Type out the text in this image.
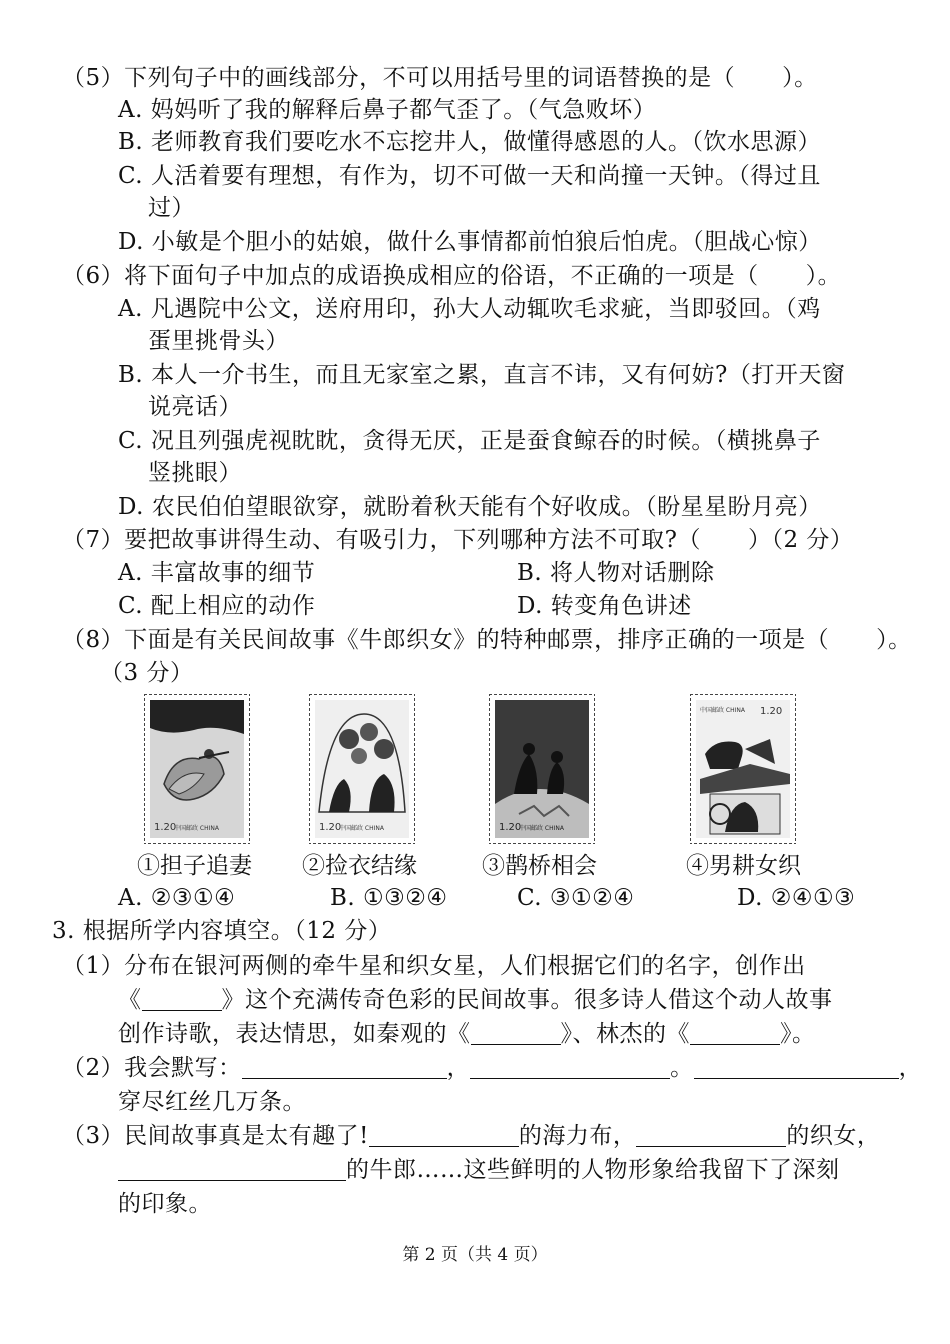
（5）下列句子中的画线部分，不可以用括号里的词语替换的是（　　）。
A. 妈妈听了我的解释后鼻子都气歪了。（气急败坏）
B. 老师教育我们要吃水不忘挖井人，做懂得感恩的人。（饮水思源）
C. 人活着要有理想，有作为，切不可做一天和尚撞一天钟。（得过且
过）
D. 小敏是个胆小的姑娘，做什么事情都前怕狼后怕虎。（胆战心惊）
（6）将下面句子中加点的成语换成相应的俗语，不正确的一项是（　　）。
A. 凡遇院中公文，送府用印，孙大人动辄吹毛求疵，当即驳回。（鸡
蛋里挑骨头）
B. 本人一介书生，而且无家室之累，直言不讳，又有何妨?（打开天窗
说亮话）
C. 况且列强虎视眈眈，贪得无厌，正是蚕食鲸吞的时候。（横挑鼻子
竖挑眼）
D. 农民伯伯望眼欲穿，就盼着秋天能有个好收成。（盼星星盼月亮）
（7）要把故事讲得生动、有吸引力，下列哪种方法不可取?（　　）（2 分）
A. 丰富故事的细节	B. 将人物对话删除
C. 配上相应的动作	D. 转变角色讲述
（8）下面是有关民间故事《牛郎织女》的特种邮票，排序正确的一项是（　　）。
（3 分）
1.20
中国邮政 CHINA	1.20
中国邮政 CHINA	1.20
中国邮政 CHINA
中国邮政 CHINA 1.20
①担子追妻 ②捡衣结缘	③鹊桥相会	④男耕女织
A. ②③①④	B. ①③②④	C. ③①②④	D. ②④①③
3. 根据所学内容填空。（12 分）
（1）分布在银河两侧的牵牛星和织女星，人们根据它们的名字，创作出
《	》这个充满传奇色彩的民间故事。很多诗人借这个动人故事
创作诗歌，表达情思，如秦观的《	》、林杰的《	》。
（2）我会默写：	，	。	，
穿尽红丝几万条。
（3）民间故事真是太有趣了!	的海力布，	的织女，
的牛郎……这些鲜明的人物形象给我留下了深刻
的印象。
第 2 页（共 4 页）
